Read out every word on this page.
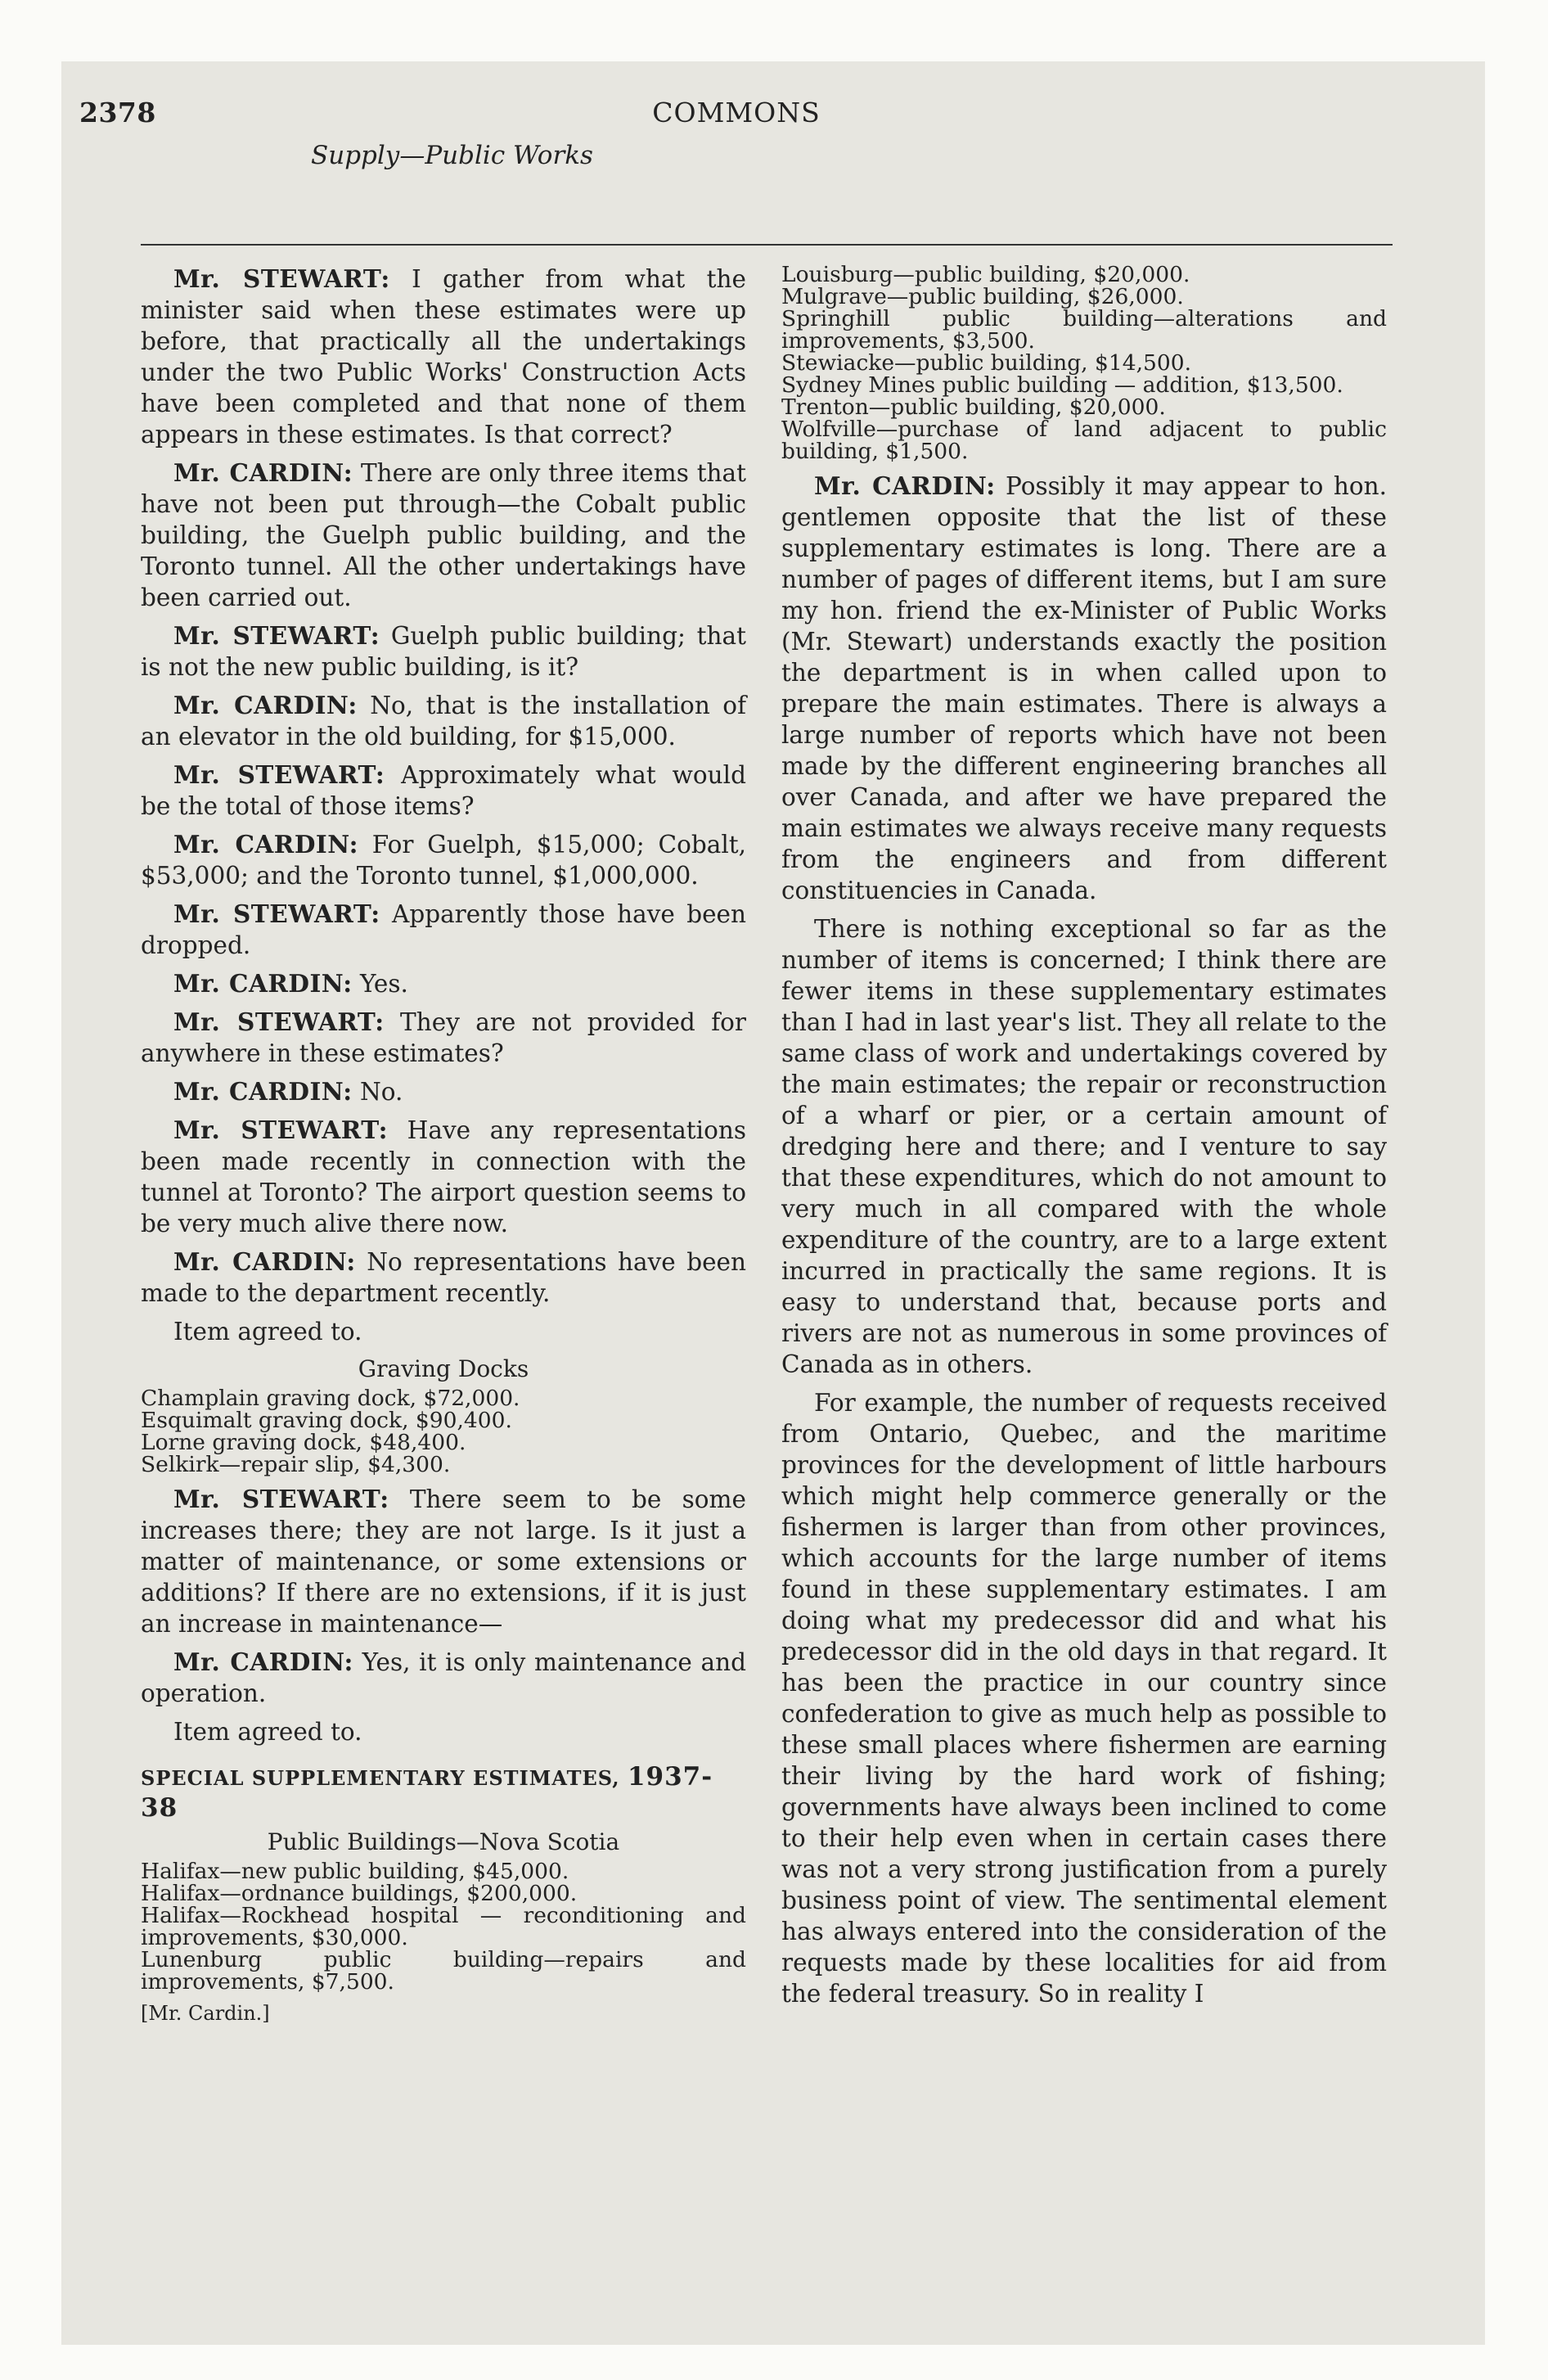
2378	COMMONS
Supply—Public Works

Mr. STEWART: I gather from what the minister said when these estimates were up before, that practically all the undertakings under the two Public Works' Construction Acts have been completed and that none of them appears in these estimates. Is that correct?

Mr. CARDIN: There are only three items that have not been put through—the Cobalt public building, the Guelph public building, and the Toronto tunnel. All the other undertakings have been carried out.

Mr. STEWART: Guelph public building; that is not the new public building, is it?

Mr. CARDIN: No, that is the installation of an elevator in the old building, for $15,000.

Mr. STEWART: Approximately what would be the total of those items?

Mr. CARDIN: For Guelph, $15,000; Cobalt, $53,000; and the Toronto tunnel, $1,000,000.

Mr. STEWART: Apparently those have been dropped.

Mr. CARDIN: Yes.

Mr. STEWART: They are not provided for anywhere in these estimates?

Mr. CARDIN: No.

Mr. STEWART: Have any representations been made recently in connection with the tunnel at Toronto? The airport question seems to be very much alive there now.

Mr. CARDIN: No representations have been made to the department recently.

Item agreed to.

Graving Docks
Champlain graving dock, $72,000.
Esquimalt graving dock, $90,400.
Lorne graving dock, $48,400.
Selkirk—repair slip, $4,300.

Mr. STEWART: There seem to be some increases there; they are not large. Is it just a matter of maintenance, or some extensions or additions? If there are no extensions, if it is just an increase in maintenance—

Mr. CARDIN: Yes, it is only maintenance and operation.

Item agreed to.

SPECIAL SUPPLEMENTARY ESTIMATES, 1937-38
Public Buildings—Nova Scotia
Halifax—new public building, $45,000.
Halifax—ordnance buildings, $200,000.
Halifax—Rockhead hospital — reconditioning and improvements, $30,000.
Lunenburg public building—repairs and improvements, $7,500.
[Mr. Cardin.]
Louisburg—public building, $20,000.
Mulgrave—public building, $26,000.
Springhill public building—alterations and improvements, $3,500.
Stewiacke—public building, $14,500.
Sydney Mines public building — addition, $13,500.
Trenton—public building, $20,000.
Wolfville—purchase of land adjacent to public building, $1,500.

Mr. CARDIN: Possibly it may appear to hon. gentlemen opposite that the list of these supplementary estimates is long. There are a number of pages of different items, but I am sure my hon. friend the ex-Minister of Public Works (Mr. Stewart) understands exactly the position the department is in when called upon to prepare the main estimates. There is always a large number of reports which have not been made by the different engineering branches all over Canada, and after we have prepared the main estimates we always receive many requests from the engineers and from different constituencies in Canada.

There is nothing exceptional so far as the number of items is concerned; I think there are fewer items in these supplementary estimates than I had in last year's list. They all relate to the same class of work and undertakings covered by the main estimates; the repair or reconstruction of a wharf or pier, or a certain amount of dredging here and there; and I venture to say that these expenditures, which do not amount to very much in all compared with the whole expenditure of the country, are to a large extent incurred in practically the same regions. It is easy to understand that, because ports and rivers are not as numerous in some provinces of Canada as in others.

For example, the number of requests received from Ontario, Quebec, and the maritime provinces for the development of little harbours which might help commerce generally or the fishermen is larger than from other provinces, which accounts for the large number of items found in these supplementary estimates. I am doing what my predecessor did and what his predecessor did in the old days in that regard. It has been the practice in our country since confederation to give as much help as possible to these small places where fishermen are earning their living by the hard work of fishing; governments have always been inclined to come to their help even when in certain cases there was not a very strong justification from a purely business point of view. The sentimental element has always entered into the consideration of the requests made by these localities for aid from the federal treasury. So in reality I
